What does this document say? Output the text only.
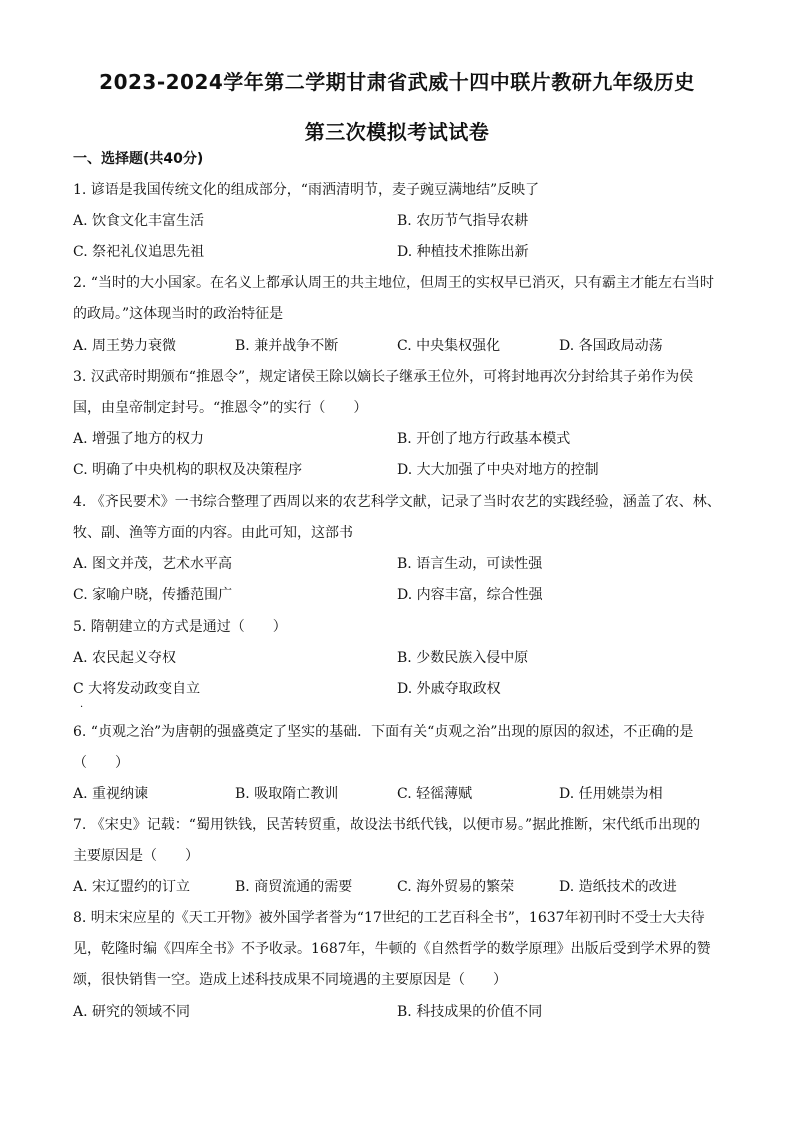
2023-2024学年第二学期甘肃省武威十四中联片教研九年级历史
第三次模拟考试试卷
一、选择题(共40分)
1. 谚语是我国传统文化的组成部分，“雨洒清明节，麦子豌豆满地结”反映了
A. 饮食文化丰富生活	B. 农历节气指导农耕
C. 祭祀礼仪追思先祖	D. 种植技术推陈出新
2. “当时的大小国家。在名义上都承认周王的共主地位，但周王的实权早已消灭，只有霸主才能左右当时
的政局。”这体现当时的政治特征是
A. 周王势力衰微	B. 兼并战争不断	C. 中央集权强化	D. 各国政局动荡
3. 汉武帝时期颁布“推恩令”，规定诸侯王除以嫡长子继承王位外，可将封地再次分封给其子弟作为侯
国，由皇帝制定封号。“推恩令”的实行（　　）
A. 增强了地方的权力	B. 开创了地方行政基本模式
C. 明确了中央机构的职权及决策程序	D. 大大加强了中央对地方的控制
4. 《齐民要术》一书综合整理了西周以来的农艺科学文献，记录了当时农艺的实践经验，涵盖了农、林、
牧、副、渔等方面的内容。由此可知，这部书
A. 图文并茂，艺术水平高	B. 语言生动，可读性强
C. 家喻户晓，传播范围广	D. 内容丰富，综合性强
5. 隋朝建立的方式是通过（　　）
A. 农民起义夺权	B. 少数民族入侵中原
C 大将发动政变自立	D. 外戚夺取政权
·
6. “贞观之治”为唐朝的强盛奠定了坚实的基础．下面有关“贞观之治”出现的原因的叙述，不正确的是
（　　）
A. 重视纳谏	B. 吸取隋亡教训	C. 轻徭薄赋	D. 任用姚崇为相
7. 《宋史》记载：“蜀用铁钱，民苦转贸重，故设法书纸代钱，以便市易。”据此推断，宋代纸币出现的
主要原因是（　　）
A. 宋辽盟约的订立	B. 商贸流通的需要	C. 海外贸易的繁荣	D. 造纸技术的改进
8. 明末宋应星的《天工开物》被外国学者誉为“17世纪的工艺百科全书”，1637年初刊时不受士大夫待
见，乾隆时编《四库全书》不予收录。1687年，牛顿的《自然哲学的数学原理》出版后受到学术界的赞
颂，很快销售一空。造成上述科技成果不同境遇的主要原因是（　　）
A. 研究的领域不同	B. 科技成果的价值不同
